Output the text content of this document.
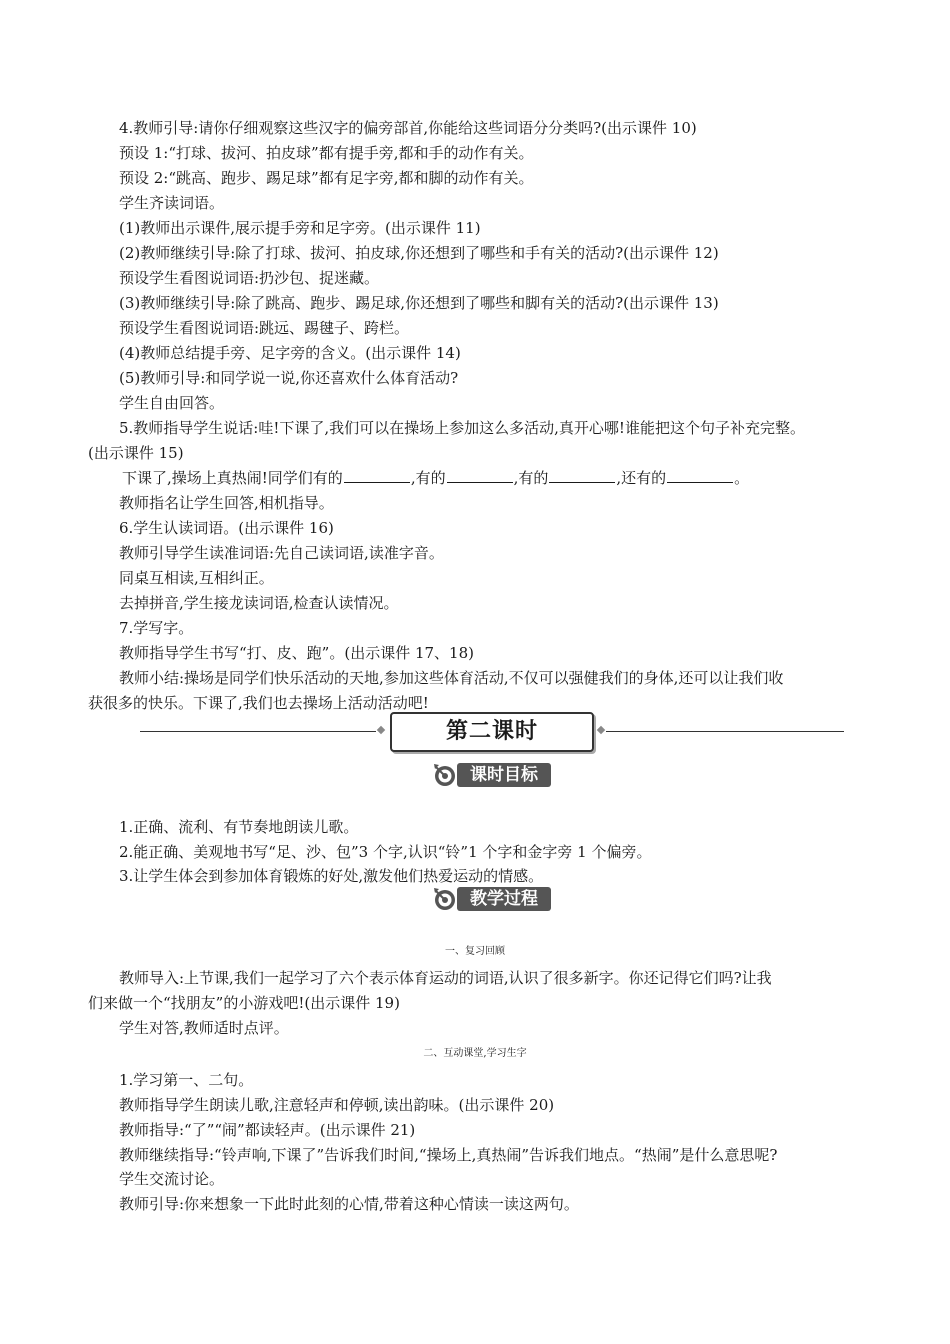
4.教师引导:请你仔细观察这些汉字的偏旁部首,你能给这些词语分分类吗?(出示课件 10)
预设 1:“打球、拔河、拍皮球”都有提手旁,都和手的动作有关。
预设 2:“跳高、跑步、踢足球”都有足字旁,都和脚的动作有关。
学生齐读词语。
(1)教师出示课件,展示提手旁和足字旁。(出示课件 11)
(2)教师继续引导:除了打球、拔河、拍皮球,你还想到了哪些和手有关的活动?(出示课件 12)
预设学生看图说词语:扔沙包、捉迷藏。
(3)教师继续引导:除了跳高、跑步、踢足球,你还想到了哪些和脚有关的活动?(出示课件 13)
预设学生看图说词语:跳远、踢毽子、跨栏。
(4)教师总结提手旁、足字旁的含义。(出示课件 14)
(5)教师引导:和同学说一说,你还喜欢什么体育活动?
学生自由回答。
5.教师指导学生说话:哇!下课了,我们可以在操场上参加这么多活动,真开心哪!谁能把这个句子补充完整。
(出示课件 15)
下课了,操场上真热闹!同学们有的	,有的	,有的	,还有的	。
教师指名让学生回答,相机指导。
6.学生认读词语。(出示课件 16)
教师引导学生读准词语:先自己读词语,读准字音。
同桌互相读,互相纠正。
去掉拼音,学生接龙读词语,检查认读情况。
7.学写字。
教师指导学生书写“打、皮、跑”。(出示课件 17、18)
教师小结:操场是同学们快乐活动的天地,参加这些体育活动,不仅可以强健我们的身体,还可以让我们收
获很多的快乐。下课了,我们也去操场上活动活动吧!
第二课时
课时目标
1.正确、流利、有节奏地朗读儿歌。
2.能正确、美观地书写“足、沙、包”3 个字,认识“铃”1 个字和金字旁 1 个偏旁。
3.让学生体会到参加体育锻炼的好处,激发他们热爱运动的情感。
教学过程
一、复习回顾
教师导入:上节课,我们一起学习了六个表示体育运动的词语,认识了很多新字。你还记得它们吗?让我
们来做一个“找朋友”的小游戏吧!(出示课件 19)
学生对答,教师适时点评。
二、互动课堂,学习生字
1.学习第一、二句。
教师指导学生朗读儿歌,注意轻声和停顿,读出韵味。(出示课件 20)
教师指导:“了”“闹”都读轻声。(出示课件 21)
教师继续指导:“铃声响,下课了”告诉我们时间,“操场上,真热闹”告诉我们地点。“热闹”是什么意思呢?
学生交流讨论。
教师引导:你来想象一下此时此刻的心情,带着这种心情读一读这两句。
